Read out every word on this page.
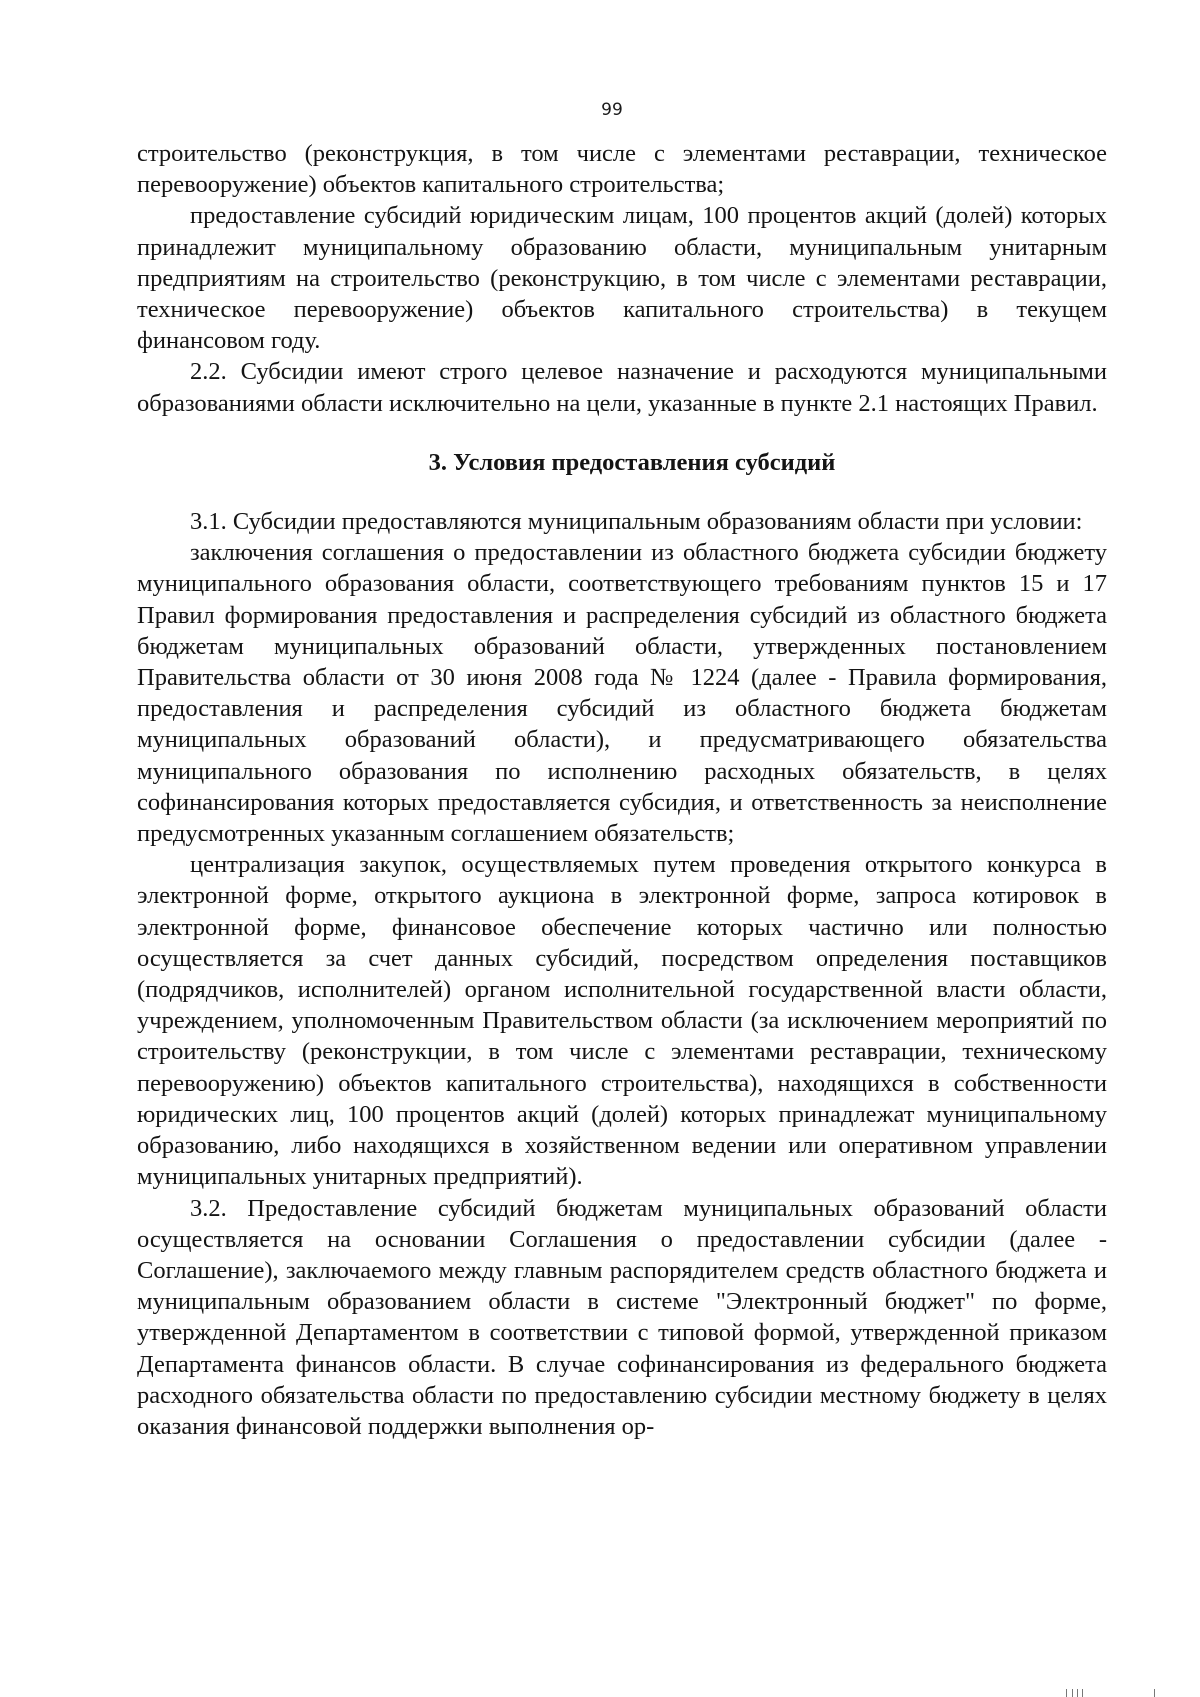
99

строительство (реконструкция, в том числе с элементами реставрации, техническое перевооружение) объектов капитального строительства;

предоставление субсидий юридическим лицам, 100 процентов акций (долей) которых принадлежит муниципальному образованию области, муниципальным унитарным предприятиям на строительство (реконструкцию, в том числе с элементами реставрации, техническое перевооружение) объектов капитального строительства) в текущем финансовом году.

2.2. Субсидии имеют строго целевое назначение и расходуются муниципальными образованиями области исключительно на цели, указанные в пункте 2.1 настоящих Правил.

3. Условия предоставления субсидий

3.1. Субсидии предоставляются муниципальным образованиям области при условии:

заключения соглашения о предоставлении из областного бюджета субсидии бюджету муниципального образования области, соответствующего требованиям пунктов 15 и 17 Правил формирования предоставления и распределения субсидий из областного бюджета бюджетам муниципальных образований области, утвержденных постановлением Правительства области от 30 июня 2008 года № 1224 (далее - Правила формирования, предоставления и распределения субсидий из областного бюджета бюджетам муниципальных образований области), и предусматривающего обязательства муниципального образования по исполнению расходных обязательств, в целях софинансирования которых предоставляется субсидия, и ответственность за неисполнение предусмотренных указанным соглашением обязательств;

централизация закупок, осуществляемых путем проведения открытого конкурса в электронной форме, открытого аукциона в электронной форме, запроса котировок в электронной форме, финансовое обеспечение которых частично или полностью осуществляется за счет данных субсидий, посредством определения поставщиков (подрядчиков, исполнителей) органом исполнительной государственной власти области, учреждением, уполномоченным Правительством области (за исключением мероприятий по строительству (реконструкции, в том числе с элементами реставрации, техническому перевооружению) объектов капитального строительства), находящихся в собственности юридических лиц, 100 процентов акций (долей) которых принадлежат муниципальному образованию, либо находящихся в хозяйственном ведении или оперативном управлении муниципальных унитарных предприятий).

3.2. Предоставление субсидий бюджетам муниципальных образований области осуществляется на основании Соглашения о предоставлении субсидии (далее - Соглашение), заключаемого между главным распорядителем средств областного бюджета и муниципальным образованием области в системе "Электронный бюджет" по форме, утвержденной Департаментом в соответствии с типовой формой, утвержденной приказом Департамента финансов области. В случае софинансирования из федерального бюджета расходного обязательства области по предоставлению субсидии местному бюджету в целях оказания финансовой поддержки выполнения ор-
